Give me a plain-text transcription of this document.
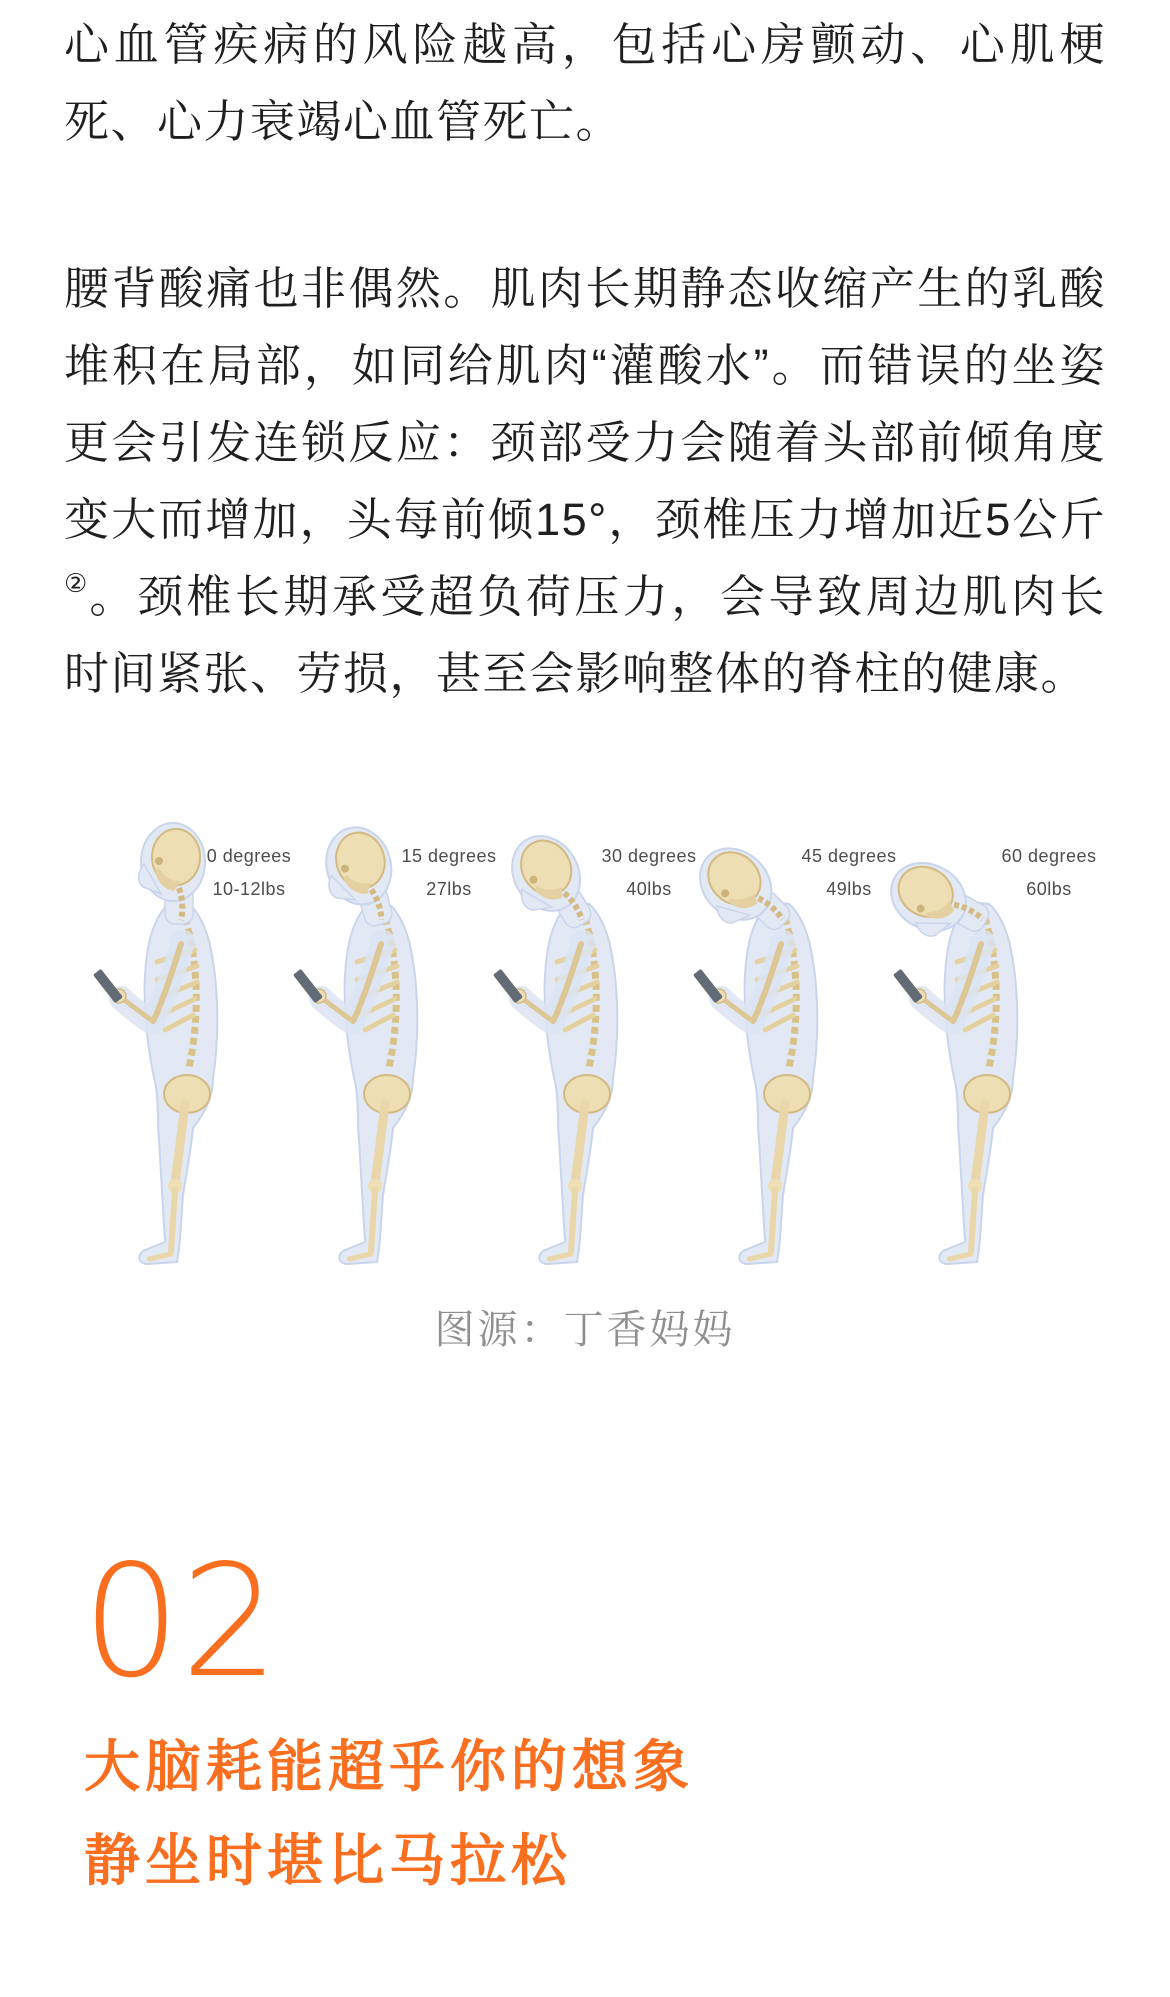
心血管疾病的风险越高，包括心房颤动、心肌梗死、心力衰竭心血管死亡。

腰背酸痛也非偶然。肌肉长期静态收缩产生的乳酸堆积在局部，如同给肌肉“灌酸水”。而错误的坐姿更会引发连锁反应：颈部受力会随着头部前倾角度变大而增加，头每前倾15°，颈椎压力增加近5公斤②。颈椎长期承受超负荷压力，会导致周边肌肉长时间紧张、劳损，甚至会影响整体的脊柱的健康。

0 degrees
10-12lbs
15 degrees
27lbs
30 degrees
40lbs
45 degrees
49lbs
60 degrees
60lbs
图源：丁香妈妈
02
大脑耗能超乎你的想象
静坐时堪比马拉松
